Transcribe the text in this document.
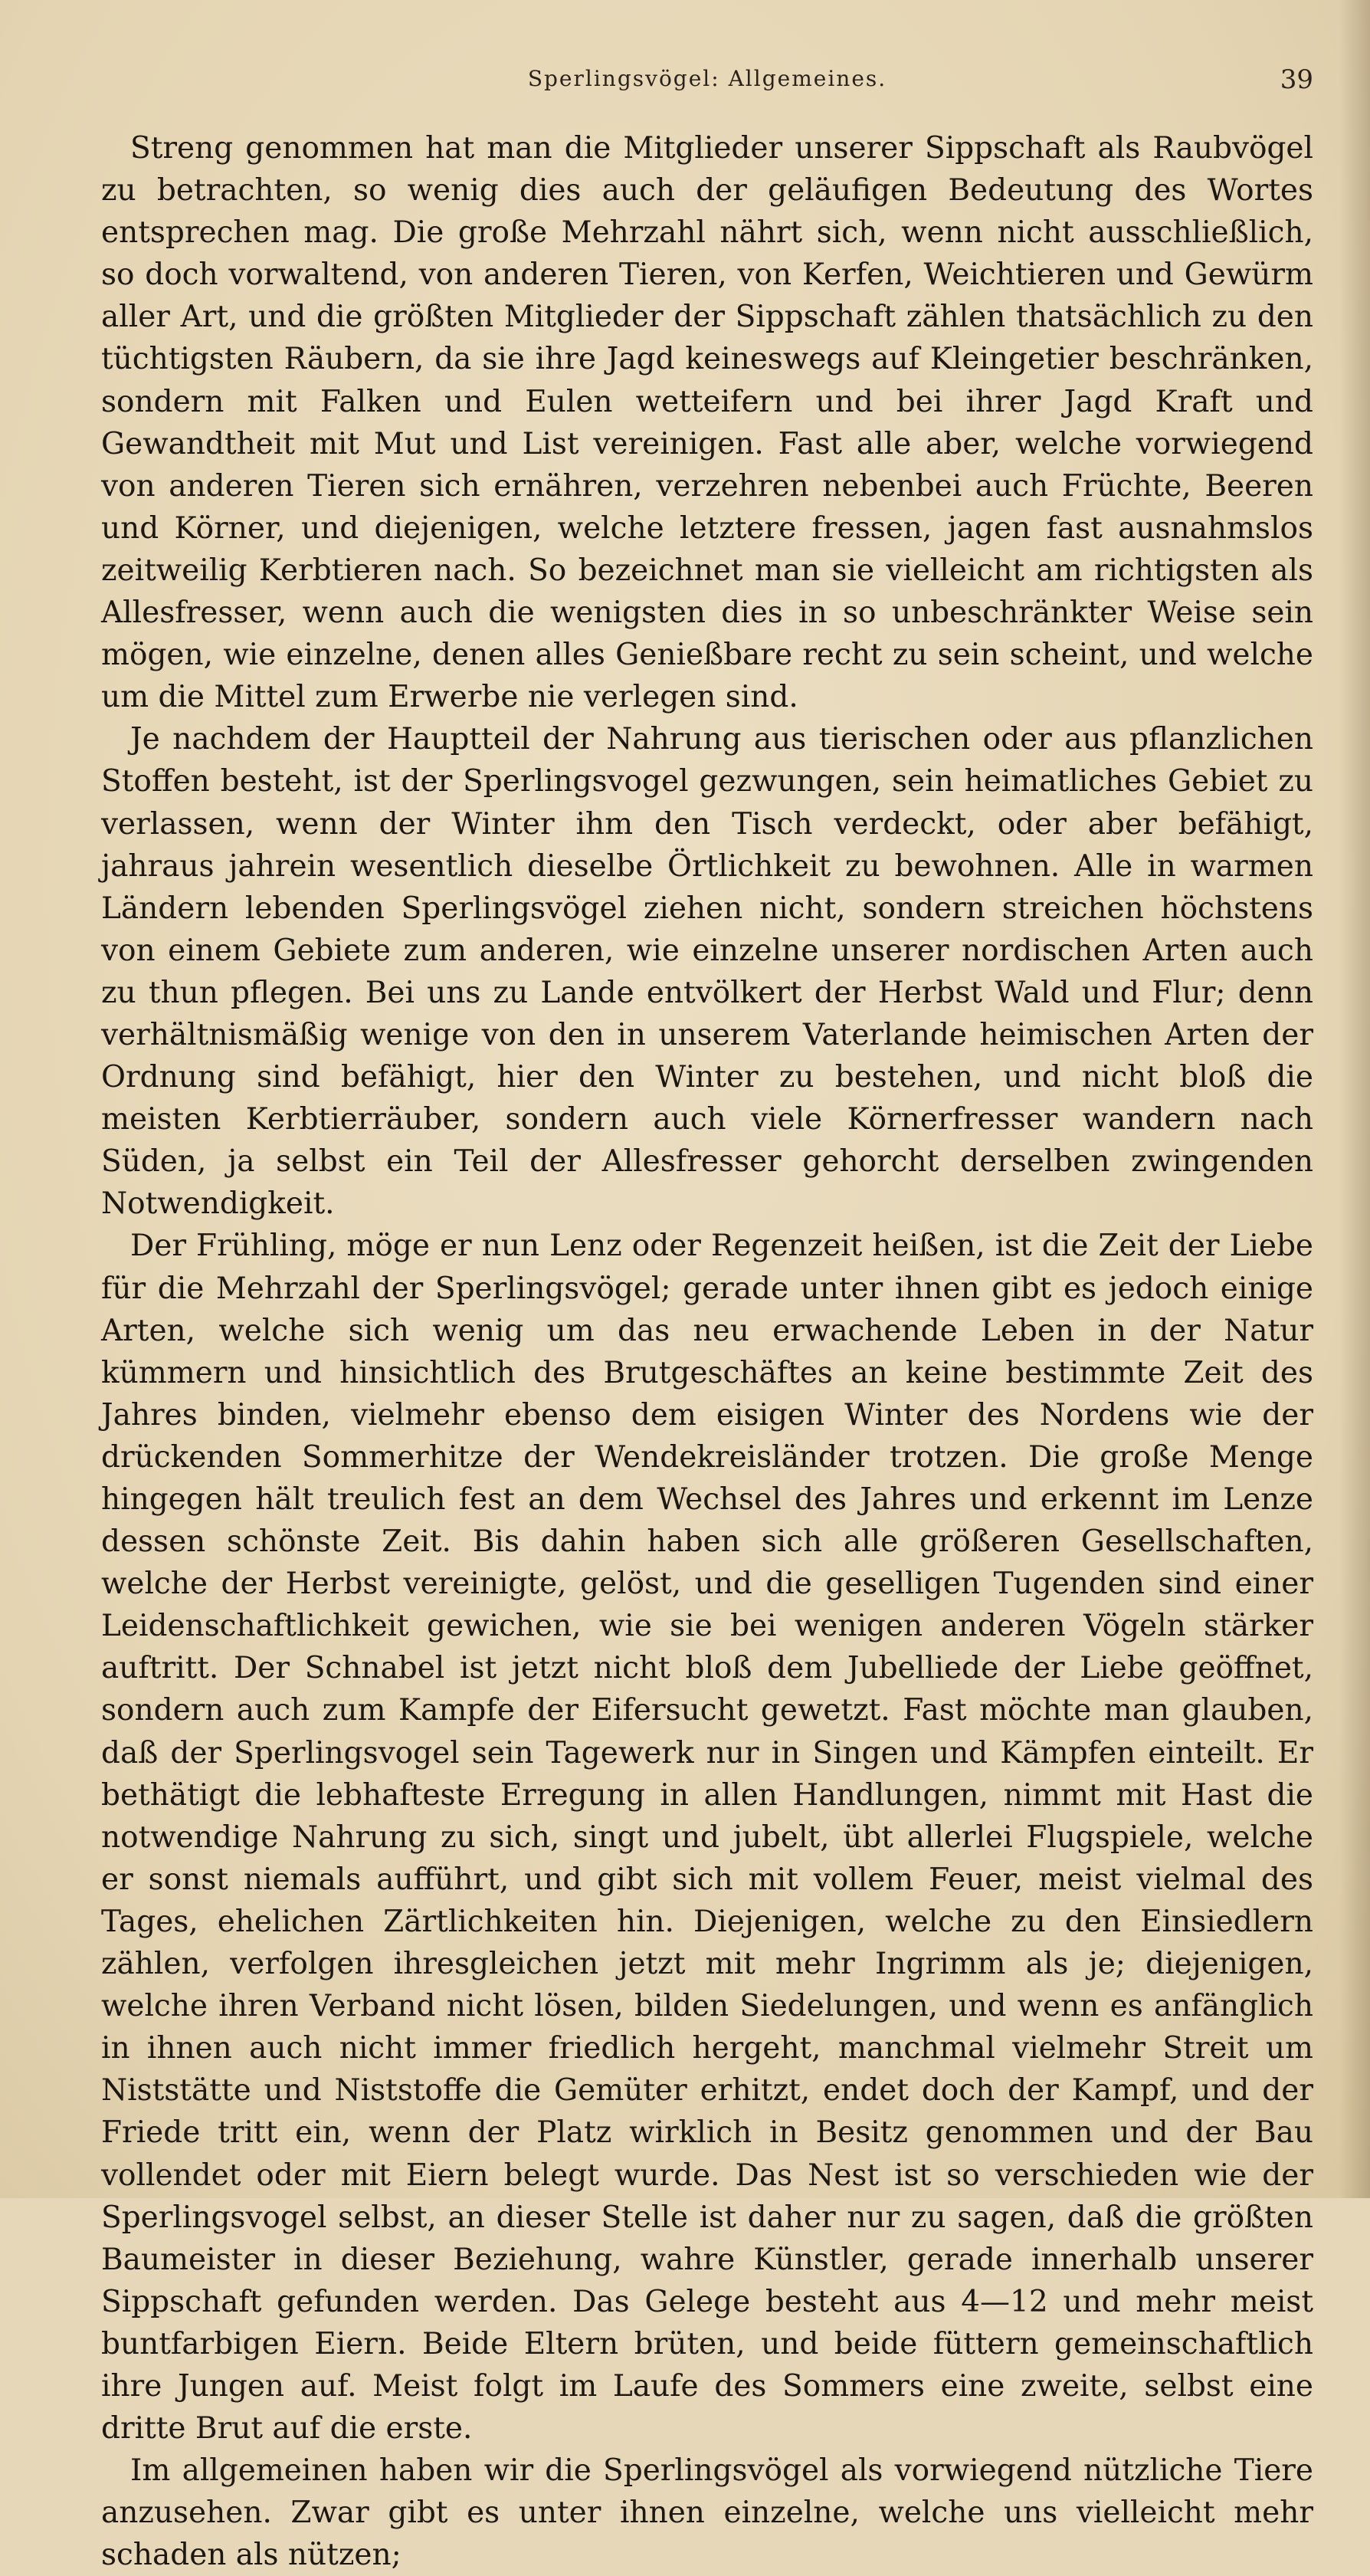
Sperlingsvögel: Allgemeines.	39

Streng genommen hat man die Mitglieder unserer Sippschaft als Raubvögel zu betrachten, so wenig dies auch der geläufigen Bedeutung des Wortes entsprechen mag. Die große Mehrzahl nährt sich, wenn nicht ausschließlich, so doch vorwaltend, von anderen Tieren, von Kerfen, Weichtieren und Gewürm aller Art, und die größten Mitglieder der Sippschaft zählen thatsächlich zu den tüchtigsten Räubern, da sie ihre Jagd keineswegs auf Kleingetier beschränken, sondern mit Falken und Eulen wetteifern und bei ihrer Jagd Kraft und Gewandtheit mit Mut und List vereinigen. Fast alle aber, welche vorwiegend von anderen Tieren sich ernähren, verzehren nebenbei auch Früchte, Beeren und Körner, und diejenigen, welche letztere fressen, jagen fast ausnahmslos zeitweilig Kerbtieren nach. So bezeichnet man sie vielleicht am richtigsten als Allesfresser, wenn auch die wenigsten dies in so unbeschränkter Weise sein mögen, wie einzelne, denen alles Genießbare recht zu sein scheint, und welche um die Mittel zum Erwerbe nie verlegen sind.

Je nachdem der Hauptteil der Nahrung aus tierischen oder aus pflanzlichen Stoffen besteht, ist der Sperlingsvogel gezwungen, sein heimatliches Gebiet zu verlassen, wenn der Winter ihm den Tisch verdeckt, oder aber befähigt, jahraus jahrein wesentlich dieselbe Örtlichkeit zu bewohnen. Alle in warmen Ländern lebenden Sperlingsvögel ziehen nicht, sondern streichen höchstens von einem Gebiete zum anderen, wie einzelne unserer nordischen Arten auch zu thun pflegen. Bei uns zu Lande entvölkert der Herbst Wald und Flur; denn verhältnismäßig wenige von den in unserem Vaterlande heimischen Arten der Ordnung sind befähigt, hier den Winter zu bestehen, und nicht bloß die meisten Kerbtierräuber, sondern auch viele Körnerfresser wandern nach Süden, ja selbst ein Teil der Allesfresser gehorcht derselben zwingenden Notwendigkeit.

Der Frühling, möge er nun Lenz oder Regenzeit heißen, ist die Zeit der Liebe für die Mehrzahl der Sperlingsvögel; gerade unter ihnen gibt es jedoch einige Arten, welche sich wenig um das neu erwachende Leben in der Natur kümmern und hinsichtlich des Brutgeschäftes an keine bestimmte Zeit des Jahres binden, vielmehr ebenso dem eisigen Winter des Nordens wie der drückenden Sommerhitze der Wendekreisländer trotzen. Die große Menge hingegen hält treulich fest an dem Wechsel des Jahres und erkennt im Lenze dessen schönste Zeit. Bis dahin haben sich alle größeren Gesellschaften, welche der Herbst vereinigte, gelöst, und die geselligen Tugenden sind einer Leidenschaftlichkeit gewichen, wie sie bei wenigen anderen Vögeln stärker auftritt. Der Schnabel ist jetzt nicht bloß dem Jubelliede der Liebe geöffnet, sondern auch zum Kampfe der Eifersucht gewetzt. Fast möchte man glauben, daß der Sperlingsvogel sein Tagewerk nur in Singen und Kämpfen einteilt. Er bethätigt die lebhafteste Erregung in allen Handlungen, nimmt mit Hast die notwendige Nahrung zu sich, singt und jubelt, übt allerlei Flugspiele, welche er sonst niemals aufführt, und gibt sich mit vollem Feuer, meist vielmal des Tages, ehelichen Zärtlichkeiten hin. Diejenigen, welche zu den Einsiedlern zählen, verfolgen ihresgleichen jetzt mit mehr Ingrimm als je; diejenigen, welche ihren Verband nicht lösen, bilden Siedelungen, und wenn es anfänglich in ihnen auch nicht immer friedlich hergeht, manchmal vielmehr Streit um Niststätte und Niststoffe die Gemüter erhitzt, endet doch der Kampf, und der Friede tritt ein, wenn der Platz wirklich in Besitz genommen und der Bau vollendet oder mit Eiern belegt wurde. Das Nest ist so verschieden wie der Sperlingsvogel selbst, an dieser Stelle ist daher nur zu sagen, daß die größten Baumeister in dieser Beziehung, wahre Künstler, gerade innerhalb unserer Sippschaft gefunden werden. Das Gelege besteht aus 4—12 und mehr meist buntfarbigen Eiern. Beide Eltern brüten, und beide füttern gemeinschaftlich ihre Jungen auf. Meist folgt im Laufe des Sommers eine zweite, selbst eine dritte Brut auf die erste.

Im allgemeinen haben wir die Sperlingsvögel als vorwiegend nützliche Tiere anzusehen. Zwar gibt es unter ihnen einzelne, welche uns vielleicht mehr schaden als nützen;
